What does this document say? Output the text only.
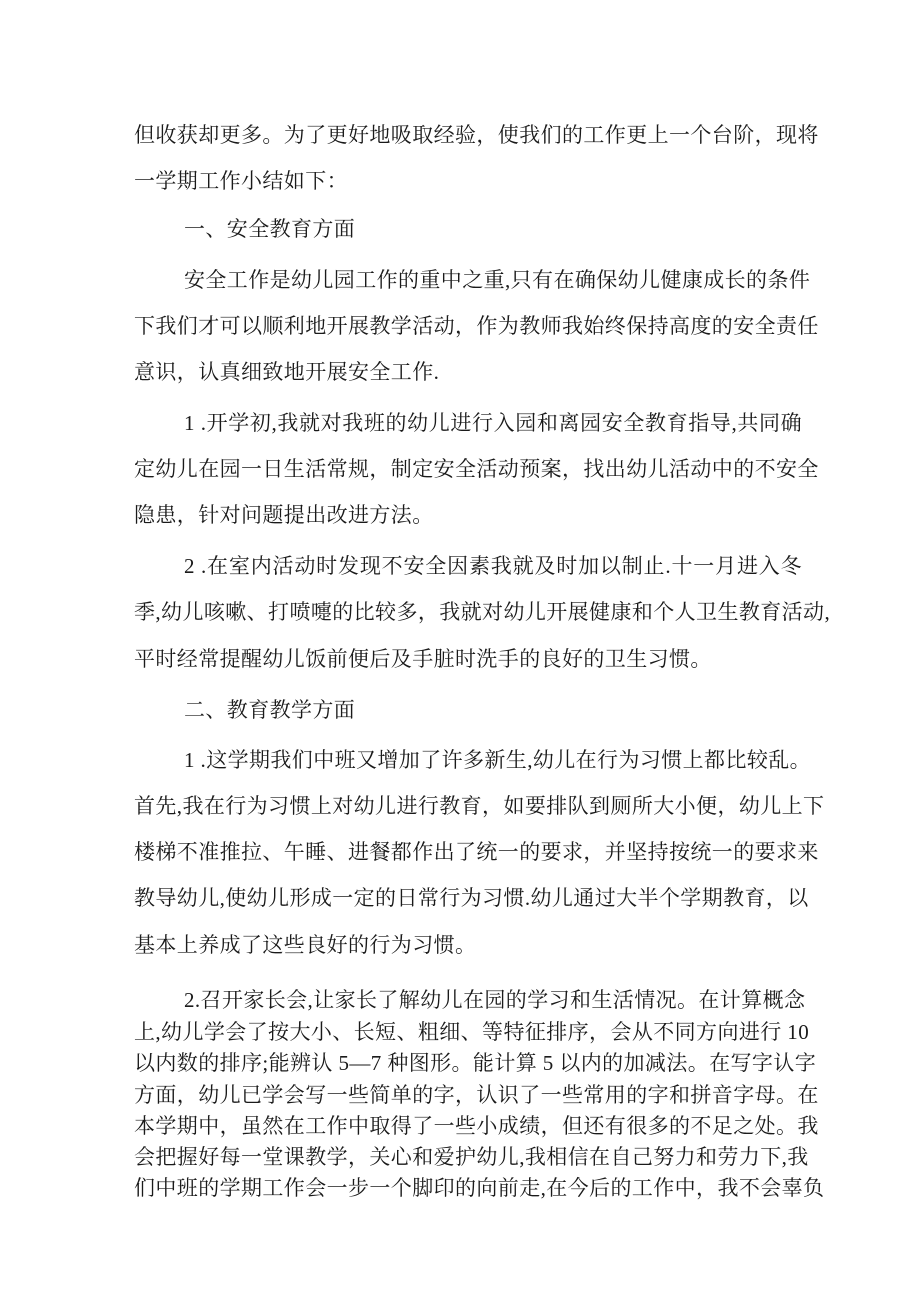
但收获却更多。为了更好地吸取经验，使我们的工作更上一个台阶，现将
一学期工作小结如下：
一、安全教育方面
安全工作是幼儿园工作的重中之重,只有在确保幼儿健康成长的条件
下我们才可以顺利地开展教学活动，作为教师我始终保持高度的安全责任
意识，认真细致地开展安全工作.
1 .开学初,我就对我班的幼儿进行入园和离园安全教育指导,共同确
定幼儿在园一日生活常规，制定安全活动预案，找出幼儿活动中的不安全
隐患，针对问题提出改进方法。
2 .在室内活动时发现不安全因素我就及时加以制止.十一月进入冬
季,幼儿咳嗽、打喷嚏的比较多，我就对幼儿开展健康和个人卫生教育活动,
平时经常提醒幼儿饭前便后及手脏时洗手的良好的卫生习惯。
二、教育教学方面
1 .这学期我们中班又增加了许多新生,幼儿在行为习惯上都比较乱。
首先,我在行为习惯上对幼儿进行教育，如要排队到厕所大小便，幼儿上下
楼梯不准推拉、午睡、进餐都作出了统一的要求，并坚持按统一的要求来
教导幼儿,使幼儿形成一定的日常行为习惯.幼儿通过大半个学期教育，以
基本上养成了这些良好的行为习惯。
2.召开家长会,让家长了解幼儿在园的学习和生活情况。在计算概念
上,幼儿学会了按大小、长短、粗细、等特征排序，会从不同方向进行 10
以内数的排序;能辨认 5—7 种图形。能计算 5 以内的加减法。在写字认字
方面，幼儿已学会写一些简单的字，认识了一些常用的字和拼音字母。在
本学期中，虽然在工作中取得了一些小成绩，但还有很多的不足之处。我
会把握好每一堂课教学，关心和爱护幼儿,我相信在自己努力和劳力下,我
们中班的学期工作会一步一个脚印的向前走,在今后的工作中，我不会辜负
